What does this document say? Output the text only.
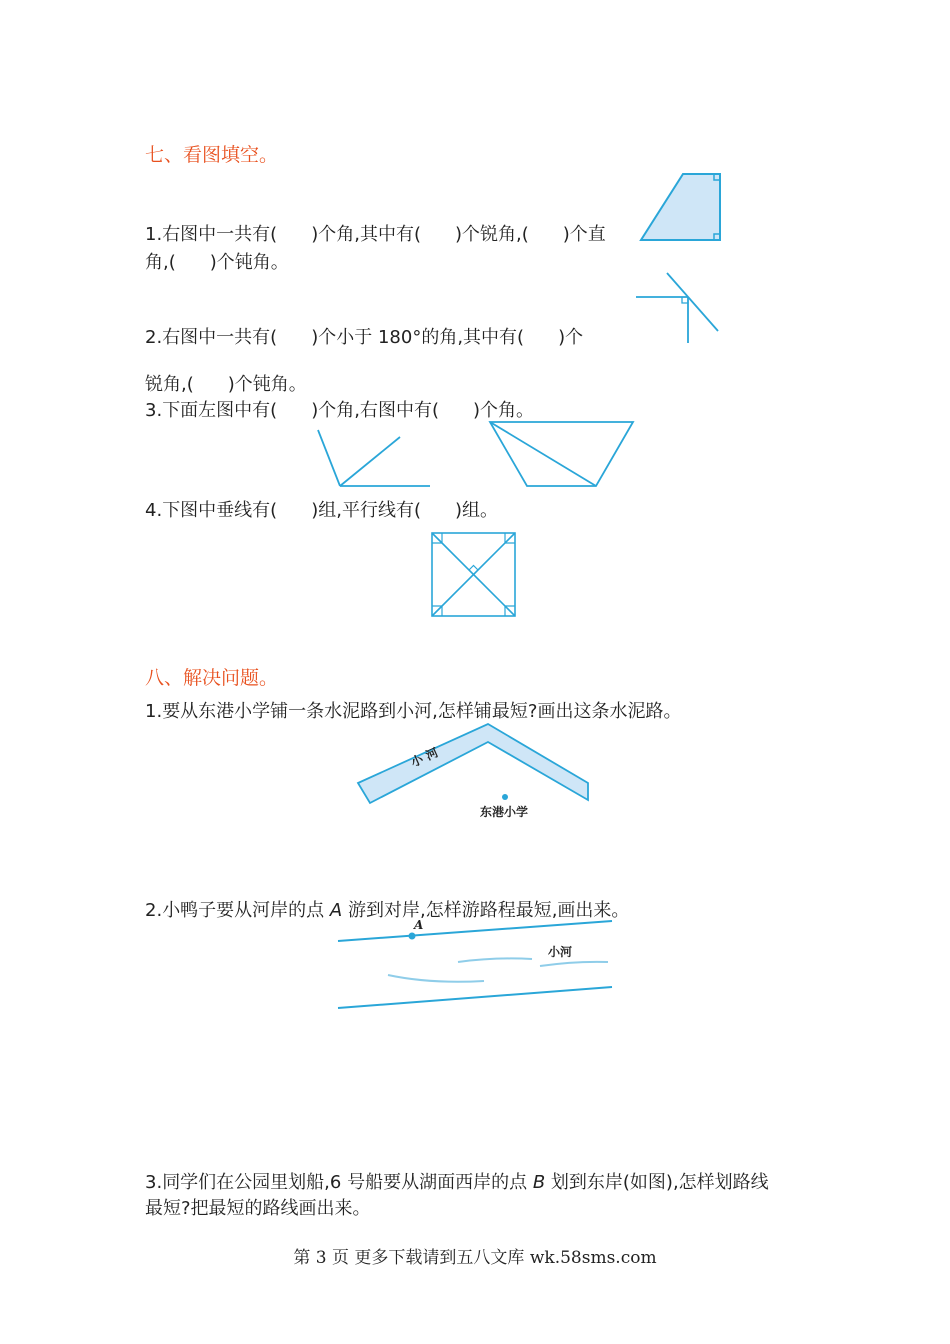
七、看图填空。
1.右图中一共有( )个角,其中有( )个锐角,( )个直
角,( )个钝角。
2.右图中一共有( )个小于 180°的角,其中有( )个
锐角,( )个钝角。
3.下面左图中有( )个角,右图中有( )个角。
4.下图中垂线有( )组,平行线有( )组。
八、解决问题。
1.要从东港小学铺一条水泥路到小河,怎样铺最短?画出这条水泥路。
小 河
东港小学
2.小鸭子要从河岸的点 A 游到对岸,怎样游路程最短,画出来。
A
小河
3.同学们在公园里划船,6 号船要从湖面西岸的点 B 划到东岸(如图),怎样划路线
最短?把最短的路线画出来。
第 3 页 更多下载请到五八文库 wk.58sms.com
